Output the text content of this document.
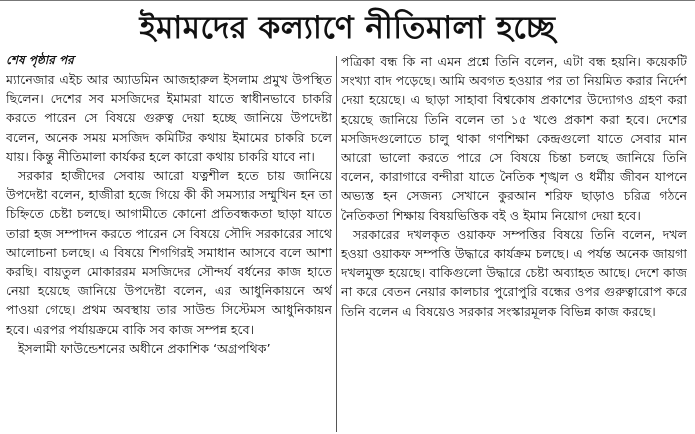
ইমামদের কল্যাণে নীতিমালা হচ্ছে
শেষ পৃষ্ঠার পর

ম্যানেজার এইচ আর অ্যাডমিন আজহারুল ইসলাম প্রমুখ উপস্থিত ছিলেন। দেশের সব মসজিদের ইমামরা যাতে স্বাধীনভাবে চাকরি করতে পারেন সে বিষয়ে গুরুত্ব দেয়া হচ্ছে জানিয়ে উপদেষ্টা বলেন, অনেক সময় মসজিদ কমিটির কথায় ইমামের চাকরি চলে যায়। কিন্তু নীতিমালা কার্যকর হলে কারো কথায় চাকরি যাবে না।

সরকার হাজীদের সেবায় আরো যত্নশীল হতে চায় জানিয়ে উপদেষ্টা বলেন, হাজীরা হজে গিয়ে কী কী সমস্যার সম্মুখিন হন তা চিহ্নিতে চেষ্টা চলছে। আগামীতে কোনো প্রতিবন্ধকতা ছাড়া যাতে তারা হজ সম্পাদন করতে পারেন সে বিষয়ে সৌদি সরকারের সাথে আলোচনা চলছে। এ বিষয়ে শিগগিরই সমাধান আসবে বলে আশা করছি। বায়তুল মোকাররম মসজিদের সৌন্দর্য বর্ধনের কাজ হাতে নেয়া হয়েছে জানিয়ে উপদেষ্টা বলেন, এর আধুনিকায়নে অর্থ পাওয়া গেছে। প্রথম অবস্থায় তার সাউন্ড সিস্টেমস আধুনিকায়ন হবে। এরপর পর্যায়ক্রমে বাকি সব কাজ সম্পন্ন হবে।

ইসলামী ফাউন্ডেশনের অধীনে প্রকাশিক ‘অগ্রপথিক’

পত্রিকা বন্ধ কি না এমন প্রশ্নে তিনি বলেন, এটা বন্ধ হয়নি। কয়েকটি সংখ্যা বাদ পড়েছে। আমি অবগত হওয়ার পর তা নিয়মিত করার নির্দেশ দেয়া হয়েছে। এ ছাড়া সাহাবা বিশ্বকোষ প্রকাশের উদ্যোগও গ্রহণ করা হয়েছে জানিয়ে তিনি বলেন তা ১৫ খণ্ডে প্রকাশ করা হবে। দেশের মসজিদগুলোতে চালু থাকা গণশিক্ষা কেন্দ্রগুলো যাতে সেবার মান আরো ভালো করতে পারে সে বিষয়ে চিন্তা চলছে জানিয়ে তিনি বলেন, কারাগারে বন্দীরা যাতে নৈতিক শৃঙ্খল ও ধর্মীয় জীবন যাপনে অভ্যস্ত হন সেজন্য সেখানে কুরআন শরিফ ছাড়াও চরিত্র গঠনে নৈতিকতা শিক্ষায় বিষয়ভিত্তিক বই ও ইমাম নিয়োগ দেয়া হবে।

সরকারের দখলকৃত ওয়াকফ সম্পত্তির বিষয়ে তিনি বলেন, দখল হওয়া ওয়াকফ সম্পত্তি উদ্ধারে কার্যক্রম চলছে। এ পর্যন্ত অনেক জায়গা দখলমুক্ত হয়েছে। বাকিগুলো উদ্ধারে চেষ্টা অব্যাহত আছে। দেশে কাজ না করে বেতন নেয়ার কালচার পুরোপুরি বন্ধের ওপর গুরুত্বারোপ করে তিনি বলেন এ বিষয়েও সরকার সংস্কারমূলক বিভিন্ন কাজ করছে।
